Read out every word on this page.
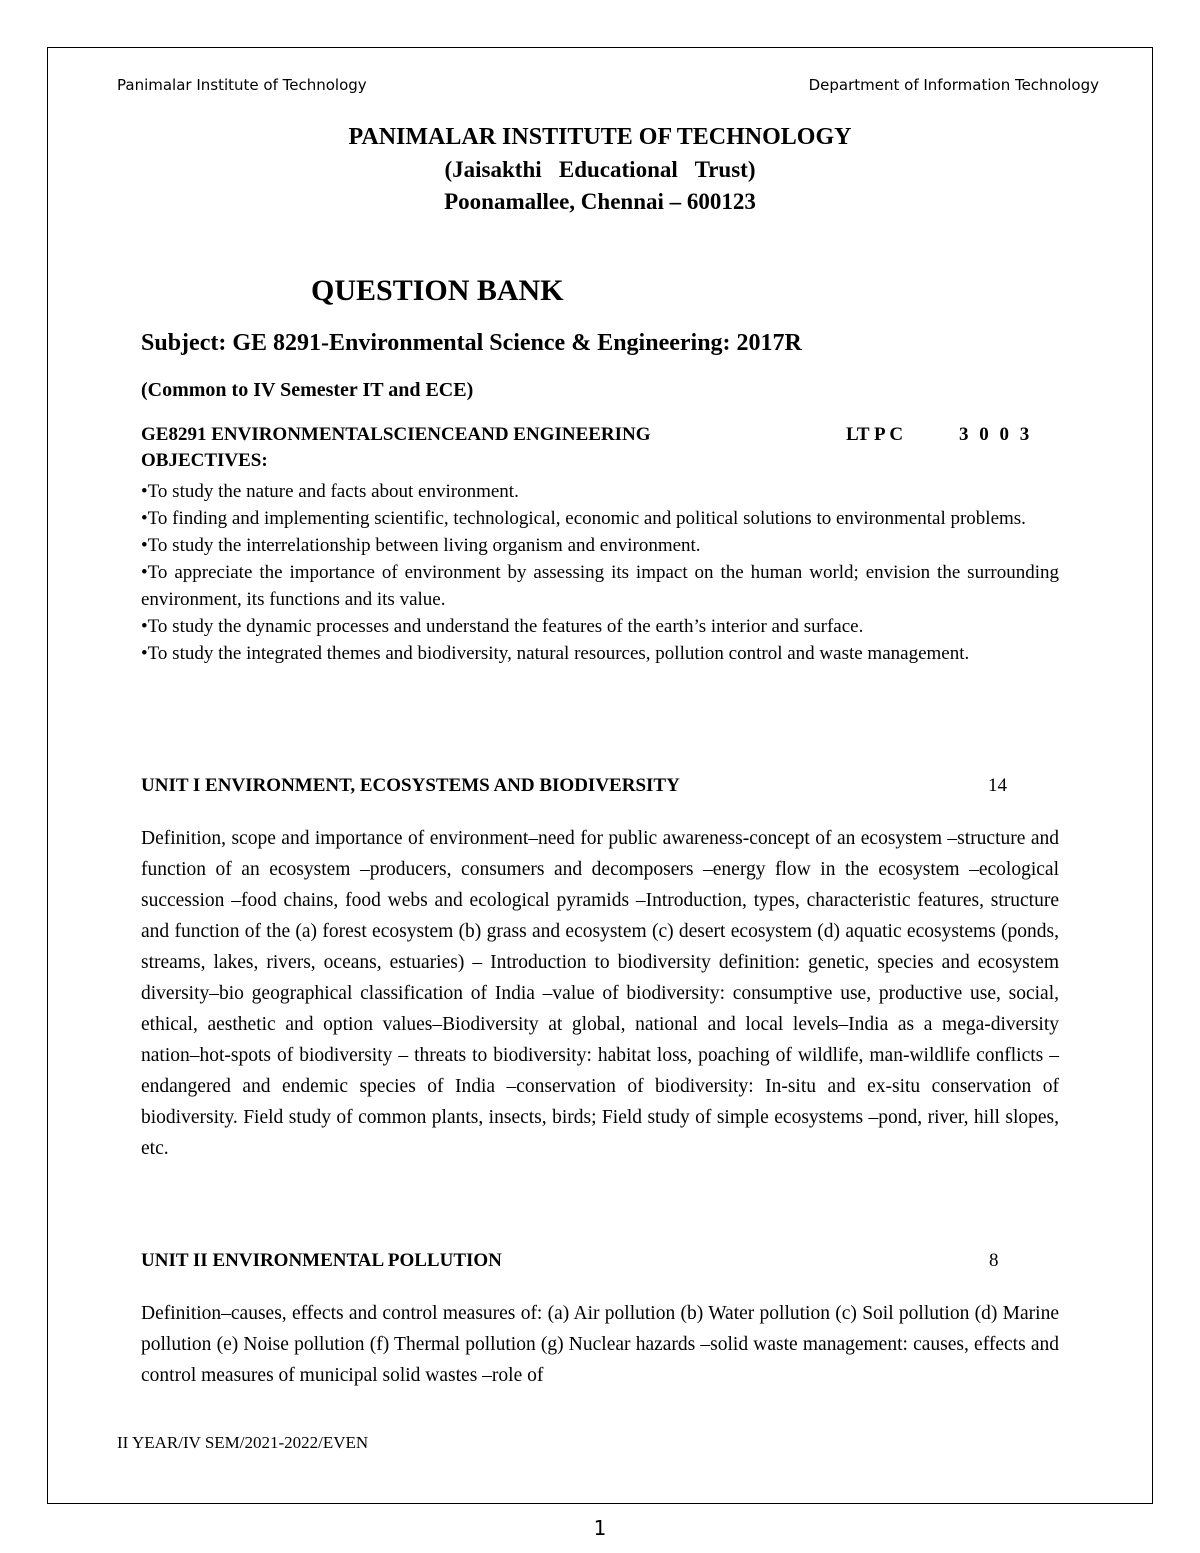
Panimalar Institute of Technology	Department of Information Technology
PANIMALAR INSTITUTE OF TECHNOLOGY
(Jaisakthi   Educational   Trust)
Poonamallee, Chennai – 600123
QUESTION BANK
Subject: GE 8291-Environmental Science & Engineering: 2017R
(Common to IV Semester IT and ECE)
GE8291 ENVIRONMENTALSCIENCEAND ENGINEERING	LT P C	3 0 0 3
OBJECTIVES:
•To study the nature and facts about environment.
•To finding and implementing scientific, technological, economic and political solutions to environmental problems.
•To study the interrelationship between living organism and environment.
•To appreciate the importance of environment by assessing its impact on the human world; envision the surrounding environment, its functions and its value.
•To study the dynamic processes and understand the features of the earth’s interior and surface.
•To study the integrated themes and biodiversity, natural resources, pollution control and waste management.
UNIT I ENVIRONMENT, ECOSYSTEMS AND BIODIVERSITY	14

Definition, scope and importance of environment–need for public awareness-concept of an ecosystem –structure and function of an ecosystem –producers, consumers and decomposers –energy flow in the ecosystem –ecological succession –food chains, food webs and ecological pyramids –Introduction, types, characteristic features, structure and function of the (a) forest ecosystem (b) grass and ecosystem (c) desert ecosystem (d) aquatic ecosystems (ponds, streams, lakes, rivers, oceans, estuaries) – Introduction to biodiversity definition: genetic, species and ecosystem diversity–bio geographical classification of India –value of biodiversity: consumptive use, productive use, social, ethical, aesthetic and option values–Biodiversity at global, national and local levels–India as a mega-diversity nation–hot-spots of biodiversity – threats to biodiversity: habitat loss, poaching of wildlife, man-wildlife conflicts –endangered and endemic species of India –conservation of biodiversity: In-situ and ex-situ conservation of biodiversity. Field study of common plants, insects, birds; Field study of simple ecosystems –pond, river, hill slopes, etc.

UNIT II ENVIRONMENTAL POLLUTION	8

Definition–causes, effects and control measures of: (a) Air pollution (b) Water pollution (c) Soil pollution (d) Marine pollution (e) Noise pollution (f) Thermal pollution (g) Nuclear hazards –solid waste management: causes, effects and control measures of municipal solid wastes –role of

II YEAR/IV SEM/2021-2022/EVEN
1
